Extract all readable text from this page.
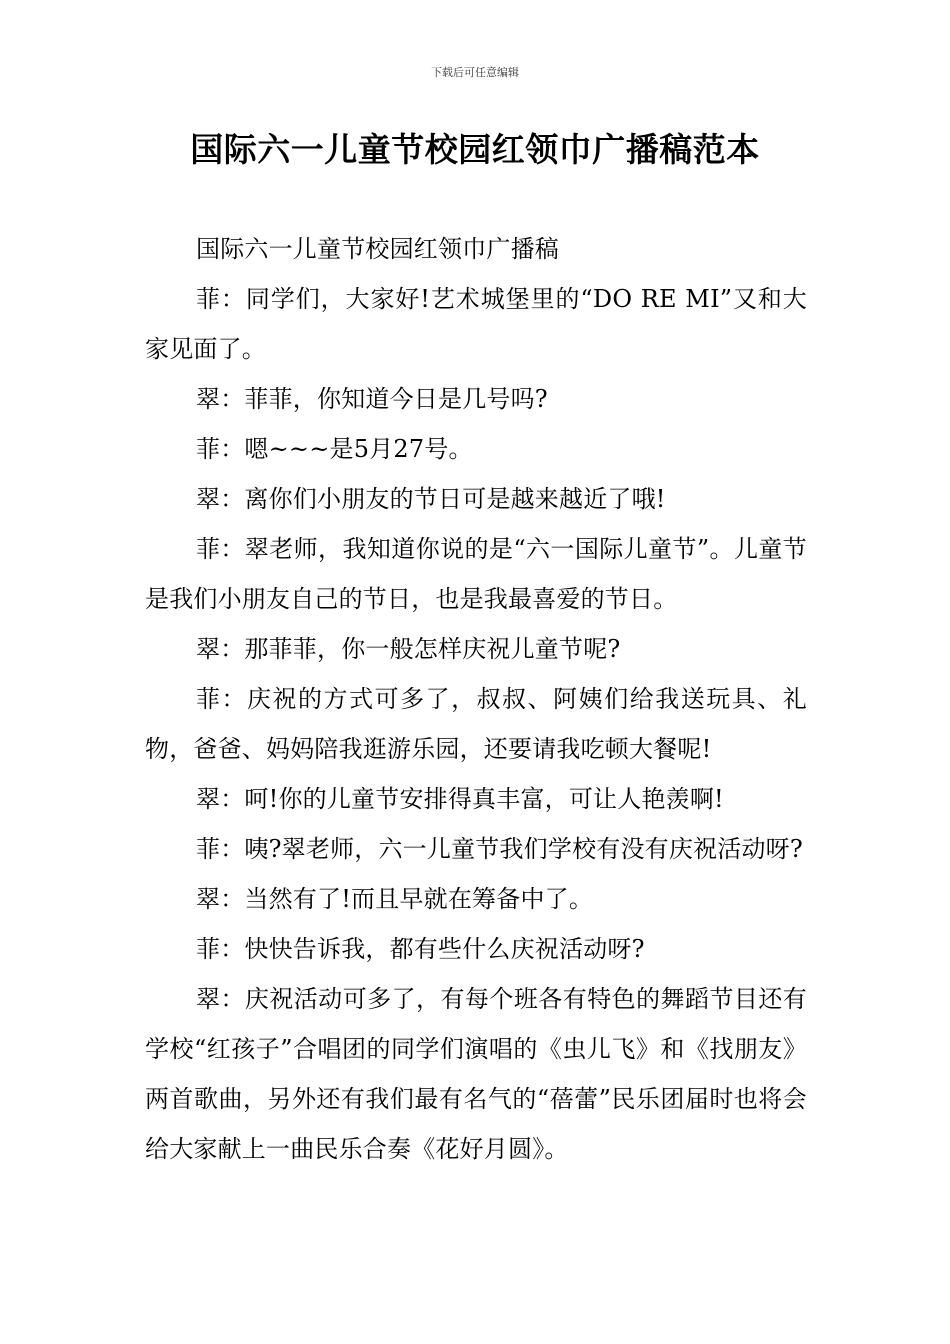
下载后可任意编辑
国际六一儿童节校园红领巾广播稿范本

国际六一儿童节校园红领巾广播稿

菲：同学们，大家好!艺术城堡里的“DO RE MI”又和大家见面了。

翠：菲菲，你知道今日是几号吗?

菲：嗯~~~是5月27号。

翠：离你们小朋友的节日可是越来越近了哦!

菲：翠老师，我知道你说的是“六一国际儿童节”。儿童节是我们小朋友自己的节日，也是我最喜爱的节日。

翠：那菲菲，你一般怎样庆祝儿童节呢?

菲：庆祝的方式可多了，叔叔、阿姨们给我送玩具、礼物，爸爸、妈妈陪我逛游乐园，还要请我吃顿大餐呢!

翠：呵!你的儿童节安排得真丰富，可让人艳羡啊!

菲：咦?翠老师，六一儿童节我们学校有没有庆祝活动呀?

翠：当然有了!而且早就在筹备中了。

菲：快快告诉我，都有些什么庆祝活动呀?

翠：庆祝活动可多了，有每个班各有特色的舞蹈节目还有学校“红孩子”合唱团的同学们演唱的《虫儿飞》和《找朋友》两首歌曲，另外还有我们最有名气的“蓓蕾”民乐团届时也将会给大家献上一曲民乐合奏《花好月圆》。
